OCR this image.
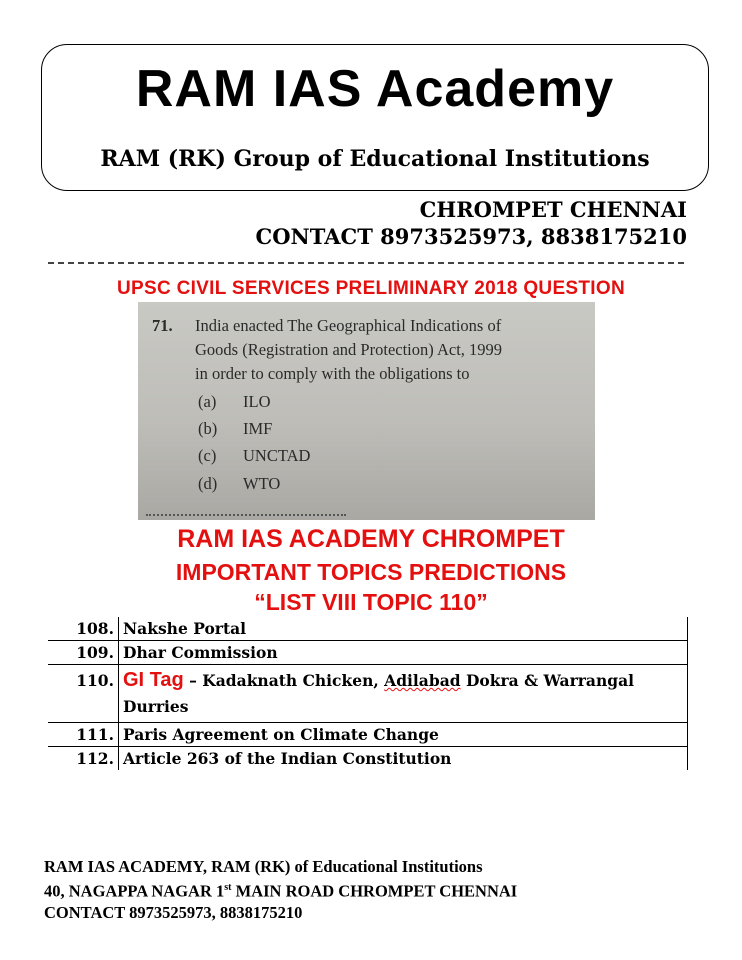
RAM IAS Academy
RAM (RK) Group of Educational Institutions
CHROMPET CHENNAI
CONTACT 8973525973, 8838175210
UPSC CIVIL SERVICES PRELIMINARY 2018 QUESTION
71. India enacted The Geographical Indications of
Goods (Registration and Protection) Act, 1999
in order to comply with the obligations to
(a) ILO
(b) IMF
(c) UNCTAD
(d) WTO
RAM IAS ACADEMY CHROMPET
IMPORTANT TOPICS PREDICTIONS
“LIST VIII TOPIC 110”
108.	Nakshe Portal
109.	Dhar Commission
110.	GI Tag – Kadaknath Chicken, Adilabad Dokra & Warrangal Durries
111.	Paris Agreement on Climate Change
112.	Article 263 of the Indian Constitution
RAM IAS ACADEMY, RAM (RK) of Educational Institutions
40, NAGAPPA NAGAR 1st MAIN ROAD CHROMPET CHENNAI
CONTACT 8973525973, 8838175210
